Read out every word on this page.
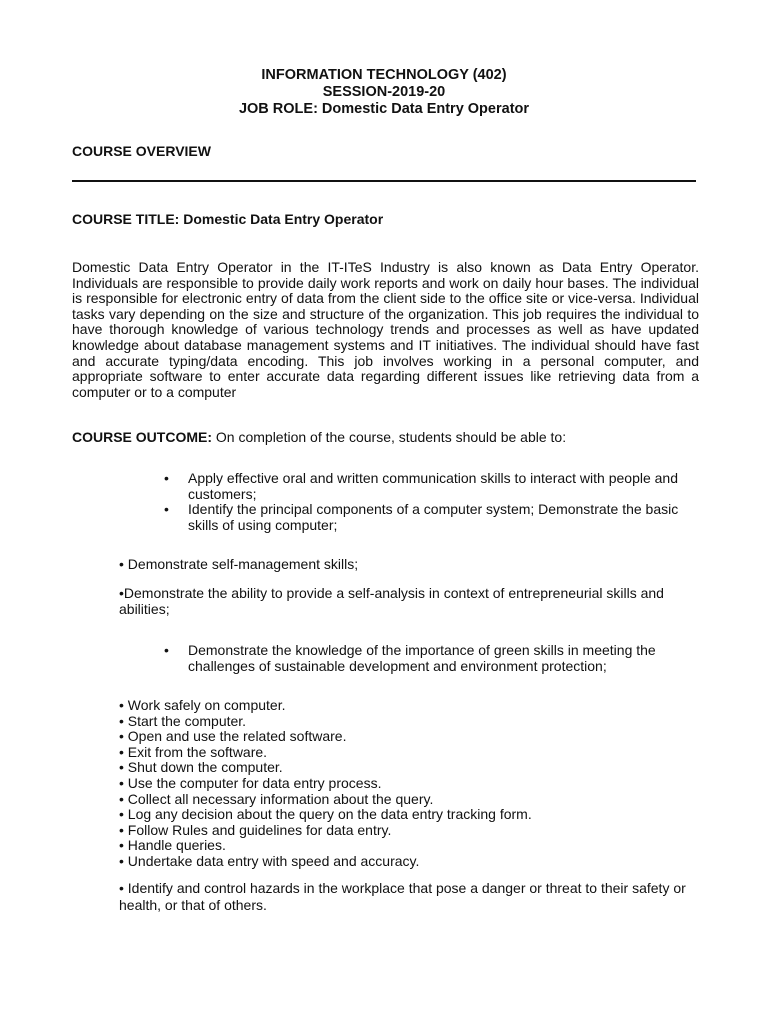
INFORMATION TECHNOLOGY (402)
SESSION-2019-20
JOB ROLE: Domestic Data Entry Operator
COURSE OVERVIEW
COURSE TITLE: Domestic Data Entry Operator
Domestic Data Entry Operator in the IT-ITeS Industry is also known as Data Entry Operator. Individuals are responsible to provide daily work reports and work on daily hour bases. The individual is responsible for electronic entry of data from the client side to the office site or vice-versa. Individual tasks vary depending on the size and structure of the organization. This job requires the individual to have thorough knowledge of various technology trends and processes as well as have updated knowledge about database management systems and IT initiatives. The individual should have fast and accurate typing/data encoding. This job involves working in a personal computer, and appropriate software to enter accurate data regarding different issues like retrieving data from a computer or to a computer
COURSE OUTCOME: On completion of the course, students should be able to:
• Apply effective oral and written communication skills to interact with people and customers;
• Identify the principal components of a computer system; Demonstrate the basic skills of using computer;
• Demonstrate self-management skills;
•Demonstrate the ability to provide a self-analysis in context of entrepreneurial skills and abilities;
• Demonstrate the knowledge of the importance of green skills in meeting the challenges of sustainable development and environment protection;
• Work safely on computer.
• Start the computer.
• Open and use the related software.
• Exit from the software.
• Shut down the computer.
• Use the computer for data entry process.
• Collect all necessary information about the query.
• Log any decision about the query on the data entry tracking form.
• Follow Rules and guidelines for data entry.
• Handle queries.
• Undertake data entry with speed and accuracy.
• Identify and control hazards in the workplace that pose a danger or threat to their safety or health, or that of others.
